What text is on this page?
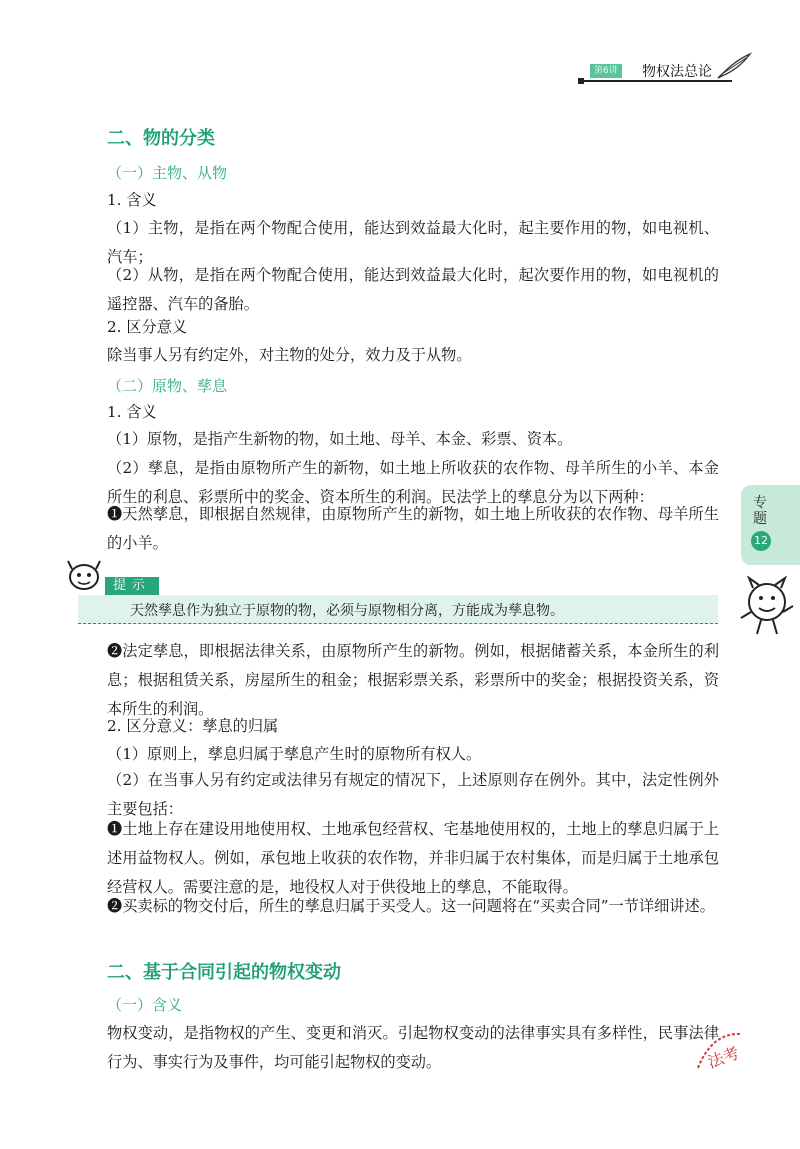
第6讲 物权法总论
二、物的分类
（一）主物、从物

1. 含义

（1）主物，是指在两个物配合使用，能达到效益最大化时，起主要作用的物，如电视机、汽车；

（2）从物，是指在两个物配合使用，能达到效益最大化时，起次要作用的物，如电视机的遥控器、汽车的备胎。

2. 区分意义

除当事人另有约定外，对主物的处分，效力及于从物。

（二）原物、孳息

1. 含义

（1）原物，是指产生新物的物，如土地、母羊、本金、彩票、资本。

（2）孳息，是指由原物所产生的新物，如土地上所收获的农作物、母羊所生的小羊、本金所生的利息、彩票所中的奖金、资本所生的利润。民法学上的孳息分为以下两种：

❶天然孳息，即根据自然规律，由原物所产生的新物，如土地上所收获的农作物、母羊所生的小羊。

专题
12
提示
天然孳息作为独立于原物的物，必须与原物相分离，方能成为孳息物。

❷法定孳息，即根据法律关系，由原物所产生的新物。例如，根据储蓄关系，本金所生的利息；根据租赁关系，房屋所生的租金；根据彩票关系，彩票所中的奖金；根据投资关系，资本所生的利润。

2. 区分意义：孳息的归属

（1）原则上，孳息归属于孳息产生时的原物所有权人。

（2）在当事人另有约定或法律另有规定的情况下，上述原则存在例外。其中，法定性例外主要包括：

❶土地上存在建设用地使用权、土地承包经营权、宅基地使用权的，土地上的孳息归属于上述用益物权人。例如，承包地上收获的农作物，并非归属于农村集体，而是归属于土地承包经营权人。需要注意的是，地役权人对于供役地上的孳息，不能取得。

❷买卖标的物交付后，所生的孳息归属于买受人。这一问题将在“买卖合同”一节详细讲述。

二、基于合同引起的物权变动
（一）含义

物权变动，是指物权的产生、变更和消灭。引起物权变动的法律事实具有多样性，民事法律行为、事实行为及事件，均可能引起物权的变动。	法考
